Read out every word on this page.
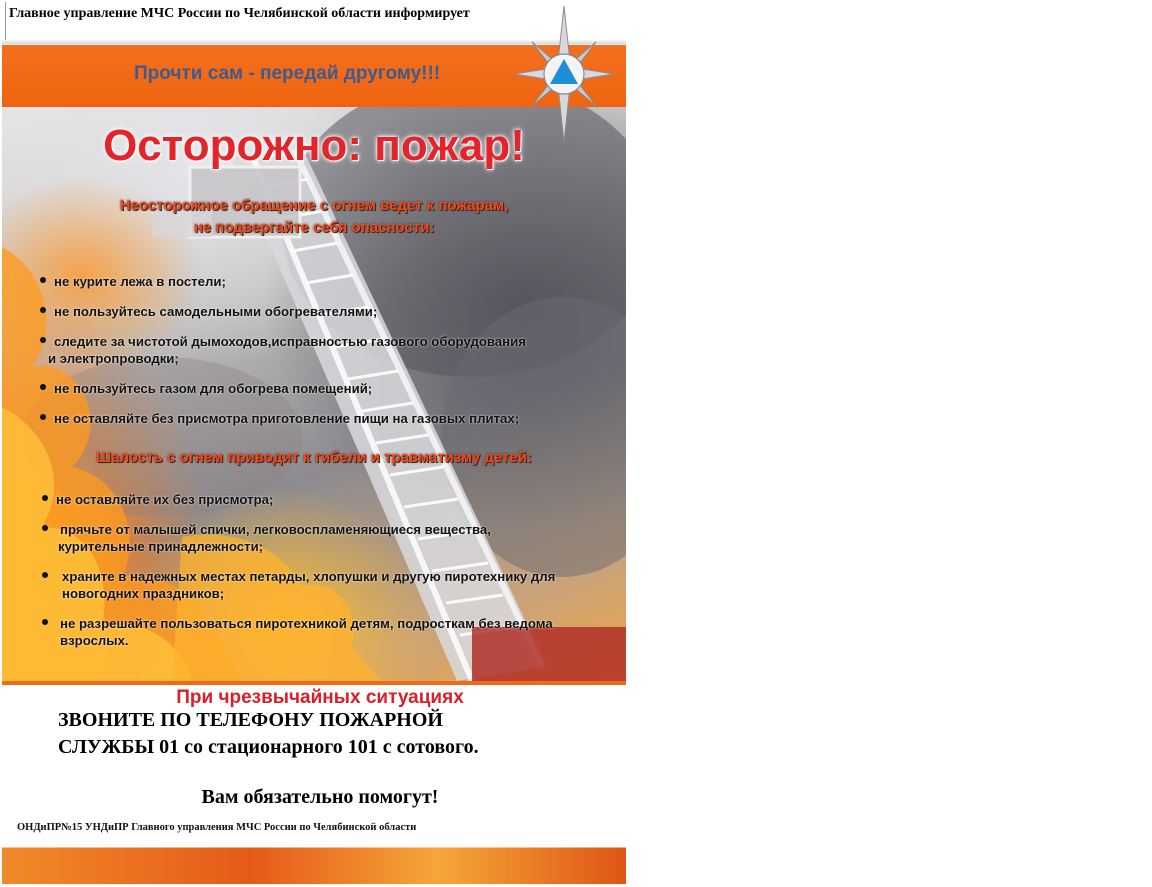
Главное управление МЧС России по Челябинской области информирует
Прочти сам - передай другому!!!
Осторожно: пожар!
Неосторожное обращение с огнем ведет к пожарам,
не подвергайте себя опасности:
не курите лежа в постели;
не пользуйтесь самодельными обогревателями;
следите за чистотой дымоходов,исправностью газового оборудования
и электропроводки;
не пользуйтесь газом для обогрева помещений;
не оставляйте без присмотра приготовление пищи на газовых плитах;
Шалость с огнем приводит к гибели и травматизму детей:
не оставляйте их без присмотра;
прячьте от малышей спички, легковоспламеняющиеся вещества,
курительные принадлежности;
храните в надежных местах петарды, хлопушки и другую пиротехнику для
новогодних праздников;
не разрешайте пользоваться пиротехникой детям, подросткам без ведома
взрослых.
При чрезвычайных ситуациях
ЗВОНИТЕ ПО ТЕЛЕФОНУ ПОЖАРНОЙ
СЛУЖБЫ 01 со стационарного 101 с сотового.
Вам обязательно помогут!
ОНДиПР№15 УНДиПР Главного управления МЧС России по Челябинской области
